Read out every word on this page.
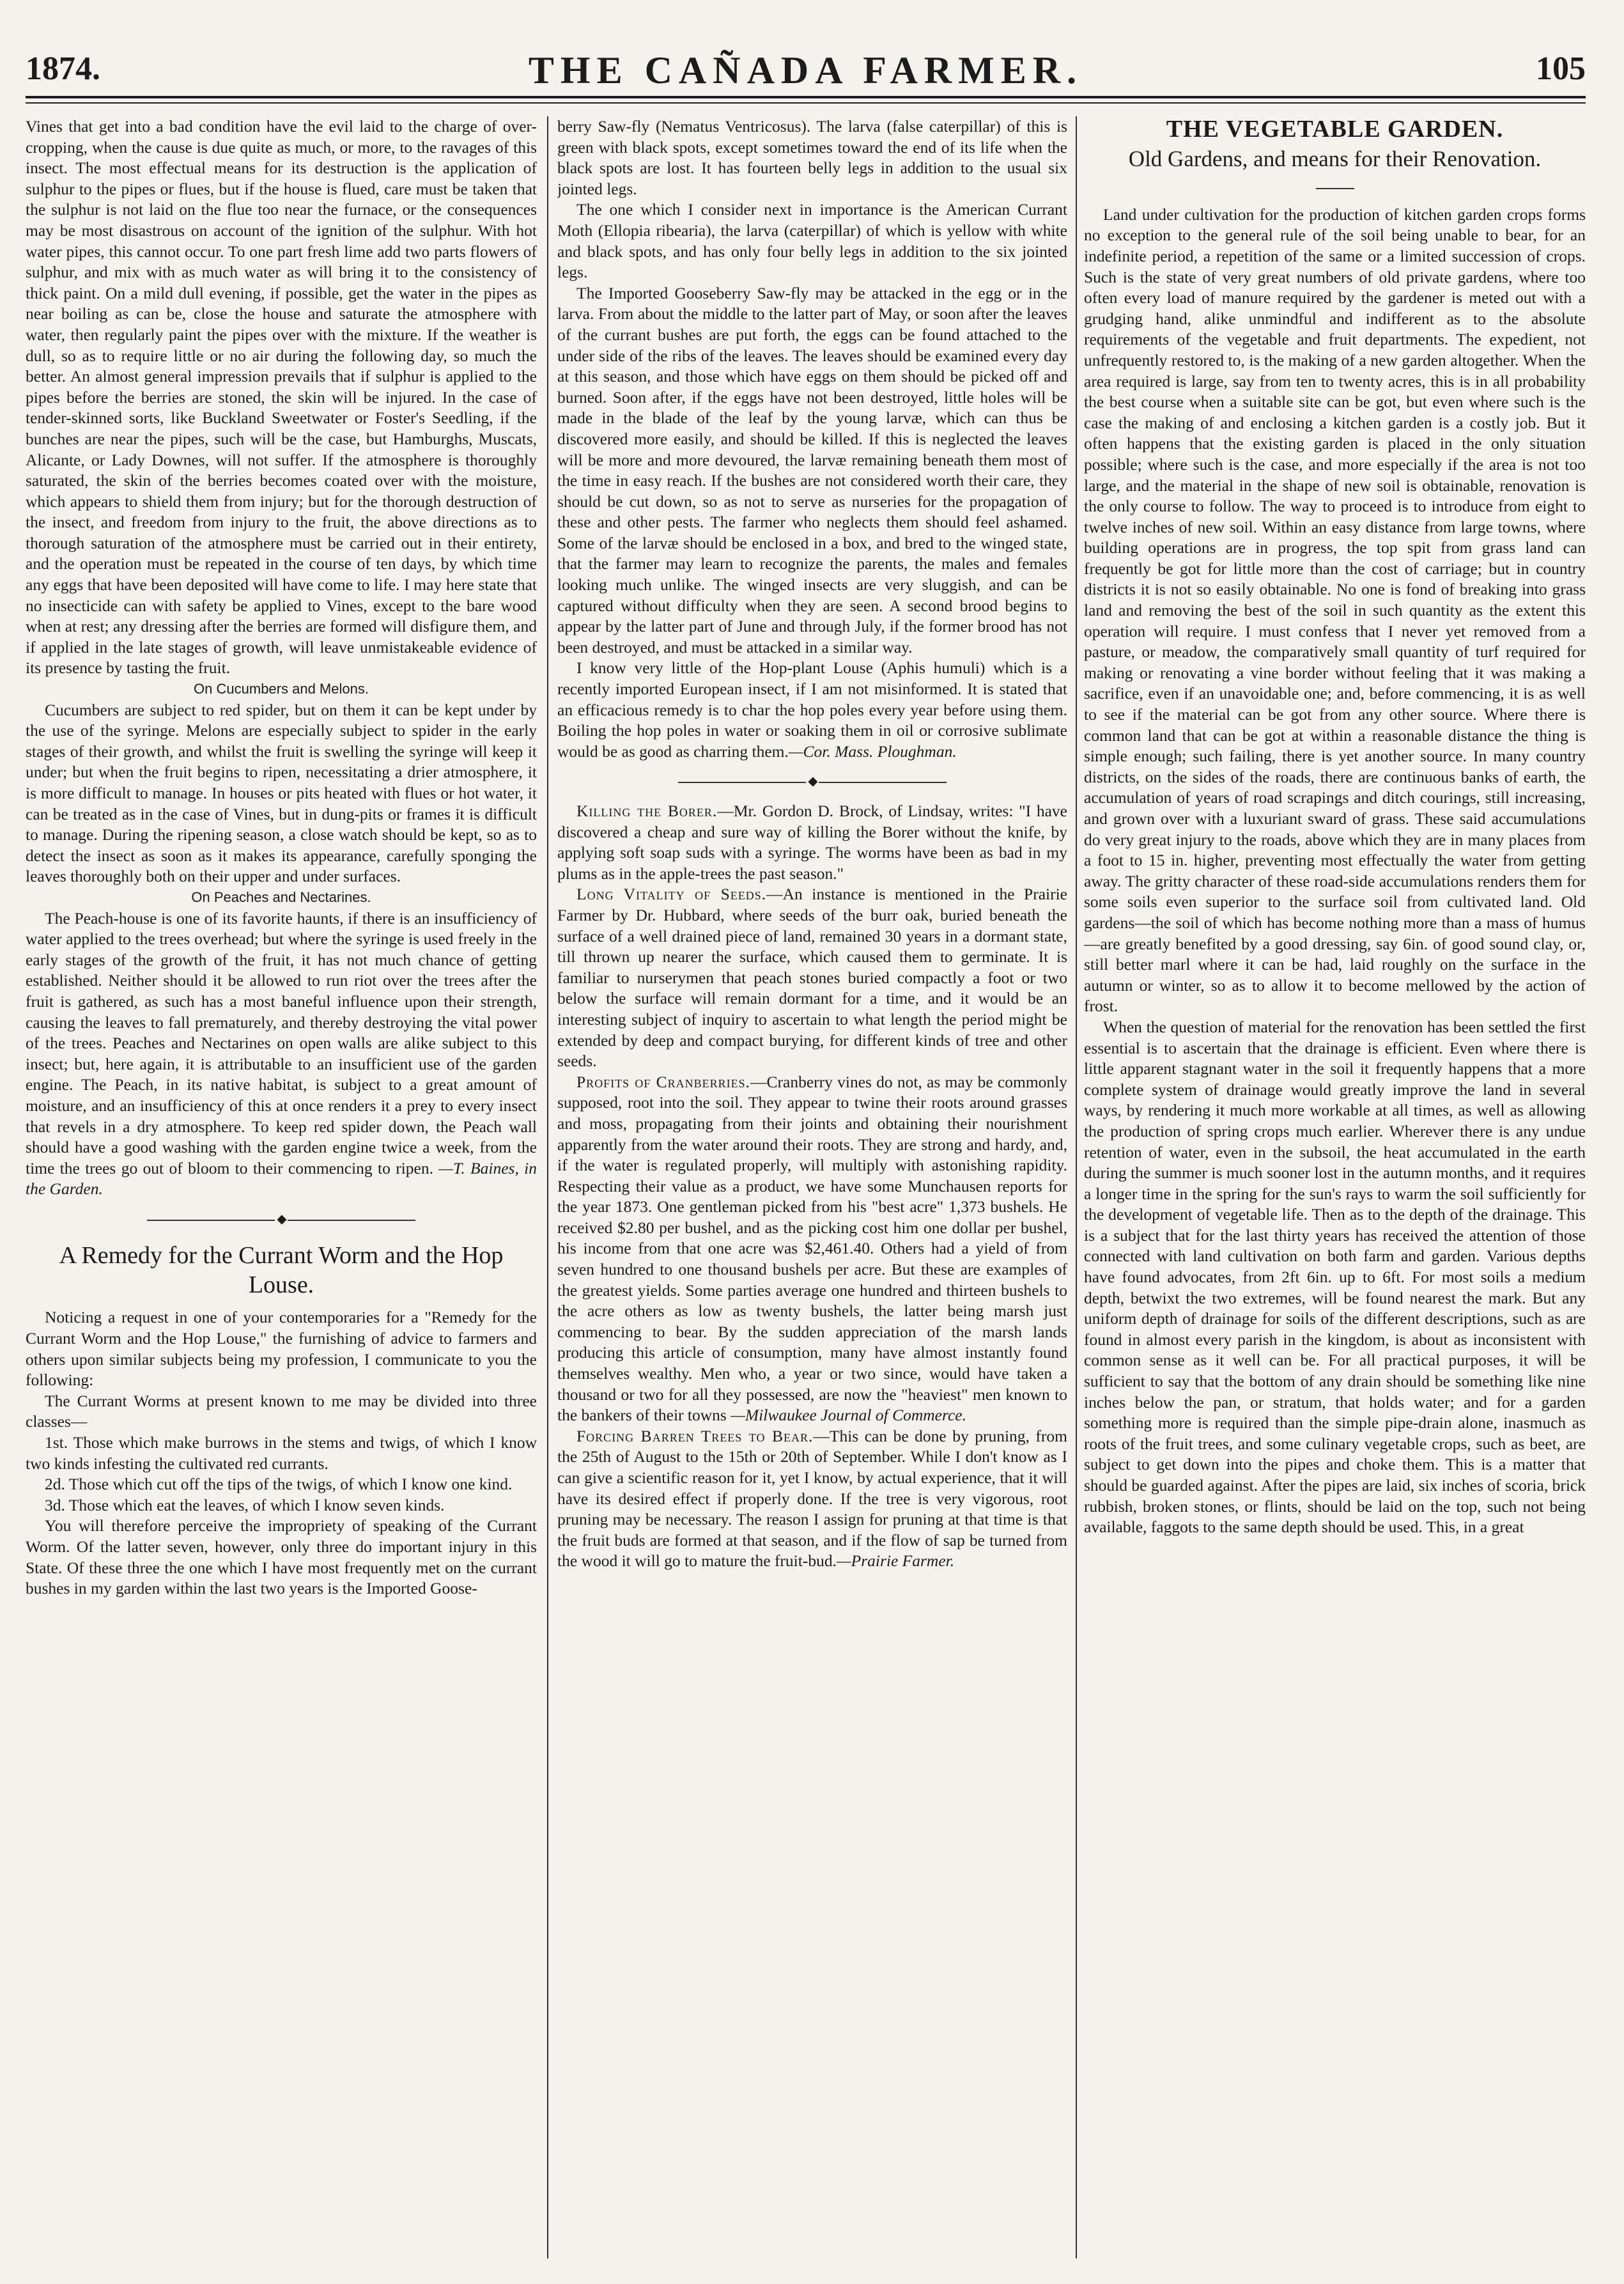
1874.	THE CAÑADA FARMER.	105

Vines that get into a bad condition have the evil laid to the charge of over-cropping, when the cause is due quite as much, or more, to the ravages of this insect. The most effectual means for its destruction is the application of sulphur to the pipes or flues, but if the house is flued, care must be taken that the sulphur is not laid on the flue too near the furnace, or the consequences may be most disastrous on account of the ignition of the sulphur. With hot water pipes, this cannot occur. To one part fresh lime add two parts flowers of sulphur, and mix with as much water as will bring it to the consistency of thick paint. On a mild dull evening, if possible, get the water in the pipes as near boiling as can be, close the house and saturate the atmosphere with water, then regularly paint the pipes over with the mixture. If the weather is dull, so as to require little or no air during the following day, so much the better. An almost general impression prevails that if sulphur is applied to the pipes before the berries are stoned, the skin will be injured. In the case of tender-skinned sorts, like Buckland Sweetwater or Foster's Seedling, if the bunches are near the pipes, such will be the case, but Hamburghs, Muscats, Alicante, or Lady Downes, will not suffer. If the atmosphere is thoroughly saturated, the skin of the berries becomes coated over with the moisture, which appears to shield them from injury; but for the thorough destruction of the insect, and freedom from injury to the fruit, the above directions as to thorough saturation of the atmosphere must be carried out in their entirety, and the operation must be repeated in the course of ten days, by which time any eggs that have been deposited will have come to life. I may here state that no insecticide can with safety be applied to Vines, except to the bare wood when at rest; any dressing after the berries are formed will disfigure them, and if applied in the late stages of growth, will leave unmistakeable evidence of its presence by tasting the fruit.

On Cucumbers and Melons.

Cucumbers are subject to red spider, but on them it can be kept under by the use of the syringe. Melons are especially subject to spider in the early stages of their growth, and whilst the fruit is swelling the syringe will keep it under; but when the fruit begins to ripen, necessitating a drier atmosphere, it is more difficult to manage. In houses or pits heated with flues or hot water, it can be treated as in the case of Vines, but in dung-pits or frames it is difficult to manage. During the ripening season, a close watch should be kept, so as to detect the insect as soon as it makes its appearance, carefully sponging the leaves thoroughly both on their upper and under surfaces.

On Peaches and Nectarines.

The Peach-house is one of its favorite haunts, if there is an insufficiency of water applied to the trees overhead; but where the syringe is used freely in the early stages of the growth of the fruit, it has not much chance of getting established. Neither should it be allowed to run riot over the trees after the fruit is gathered, as such has a most baneful influence upon their strength, causing the leaves to fall prematurely, and thereby destroying the vital power of the trees. Peaches and Nectarines on open walls are alike subject to this insect; but, here again, it is attributable to an insufficient use of the garden engine. The Peach, in its native habitat, is subject to a great amount of moisture, and an insufficiency of this at once renders it a prey to every insect that revels in a dry atmosphere. To keep red spider down, the Peach wall should have a good washing with the garden engine twice a week, from the time the trees go out of bloom to their commencing to ripen. —T. Baines, in the Garden.

⬥
A Remedy for the Currant Worm and the Hop Louse.

Noticing a request in one of your contemporaries for a "Remedy for the Currant Worm and the Hop Louse," the furnishing of advice to farmers and others upon similar subjects being my profession, I communicate to you the following:

The Currant Worms at present known to me may be divided into three classes—

1st. Those which make burrows in the stems and twigs, of which I know two kinds infesting the cultivated red currants.

2d. Those which cut off the tips of the twigs, of which I know one kind.

3d. Those which eat the leaves, of which I know seven kinds.

You will therefore perceive the impropriety of speaking of the Currant Worm. Of the latter seven, however, only three do important injury in this State. Of these three the one which I have most frequently met on the currant bushes in my garden within the last two years is the Imported Goose-

berry Saw-fly (Nematus Ventricosus). The larva (false caterpillar) of this is green with black spots, except sometimes toward the end of its life when the black spots are lost. It has fourteen belly legs in addition to the usual six jointed legs.

The one which I consider next in importance is the American Currant Moth (Ellopia ribearia), the larva (caterpillar) of which is yellow with white and black spots, and has only four belly legs in addition to the six jointed legs.

The Imported Gooseberry Saw-fly may be attacked in the egg or in the larva. From about the middle to the latter part of May, or soon after the leaves of the currant bushes are put forth, the eggs can be found attached to the under side of the ribs of the leaves. The leaves should be examined every day at this season, and those which have eggs on them should be picked off and burned. Soon after, if the eggs have not been destroyed, little holes will be made in the blade of the leaf by the young larvæ, which can thus be discovered more easily, and should be killed. If this is neglected the leaves will be more and more devoured, the larvæ remaining beneath them most of the time in easy reach. If the bushes are not considered worth their care, they should be cut down, so as not to serve as nurseries for the propagation of these and other pests. The farmer who neglects them should feel ashamed. Some of the larvæ should be enclosed in a box, and bred to the winged state, that the farmer may learn to recognize the parents, the males and females looking much unlike. The winged insects are very sluggish, and can be captured without difficulty when they are seen. A second brood begins to appear by the latter part of June and through July, if the former brood has not been destroyed, and must be attacked in a similar way.

I know very little of the Hop-plant Louse (Aphis humuli) which is a recently imported European insect, if I am not misinformed. It is stated that an efficacious remedy is to char the hop poles every year before using them. Boiling the hop poles in water or soaking them in oil or corrosive sublimate would be as good as charring them.—Cor. Mass. Ploughman.

⬥

Killing the Borer.—Mr. Gordon D. Brock, of Lindsay, writes: "I have discovered a cheap and sure way of killing the Borer without the knife, by applying soft soap suds with a syringe. The worms have been as bad in my plums as in the apple-trees the past season."

Long Vitality of Seeds.—An instance is mentioned in the Prairie Farmer by Dr. Hubbard, where seeds of the burr oak, buried beneath the surface of a well drained piece of land, remained 30 years in a dormant state, till thrown up nearer the surface, which caused them to germinate. It is familiar to nurserymen that peach stones buried compactly a foot or two below the surface will remain dormant for a time, and it would be an interesting subject of inquiry to ascertain to what length the period might be extended by deep and compact burying, for different kinds of tree and other seeds.

Profits of Cranberries.—Cranberry vines do not, as may be commonly supposed, root into the soil. They appear to twine their roots around grasses and moss, propagating from their joints and obtaining their nourishment apparently from the water around their roots. They are strong and hardy, and, if the water is regulated properly, will multiply with astonishing rapidity. Respecting their value as a product, we have some Munchausen reports for the year 1873. One gentleman picked from his "best acre" 1,373 bushels. He received $2.80 per bushel, and as the picking cost him one dollar per bushel, his income from that one acre was $2,461.40. Others had a yield of from seven hundred to one thousand bushels per acre. But these are examples of the greatest yields. Some parties average one hundred and thirteen bushels to the acre others as low as twenty bushels, the latter being marsh just commencing to bear. By the sudden appreciation of the marsh lands producing this article of consumption, many have almost instantly found themselves wealthy. Men who, a year or two since, would have taken a thousand or two for all they possessed, are now the "heaviest" men known to the bankers of their towns —Milwaukee Journal of Commerce.

Forcing Barren Trees to Bear.—This can be done by pruning, from the 25th of August to the 15th or 20th of September. While I don't know as I can give a scientific reason for it, yet I know, by actual experience, that it will have its desired effect if properly done. If the tree is very vigorous, root pruning may be necessary. The reason I assign for pruning at that time is that the fruit buds are formed at that season, and if the flow of sap be turned from the wood it will go to mature the fruit-bud.—Prairie Farmer.

THE VEGETABLE GARDEN.
Old Gardens, and means for their Renovation.

Land under cultivation for the production of kitchen garden crops forms no exception to the general rule of the soil being unable to bear, for an indefinite period, a repetition of the same or a limited succession of crops. Such is the state of very great numbers of old private gardens, where too often every load of manure required by the gardener is meted out with a grudging hand, alike unmindful and indifferent as to the absolute requirements of the vegetable and fruit departments. The expedient, not unfrequently restored to, is the making of a new garden altogether. When the area required is large, say from ten to twenty acres, this is in all probability the best course when a suitable site can be got, but even where such is the case the making of and enclosing a kitchen garden is a costly job. But it often happens that the existing garden is placed in the only situation possible; where such is the case, and more especially if the area is not too large, and the material in the shape of new soil is obtainable, renovation is the only course to follow. The way to proceed is to introduce from eight to twelve inches of new soil. Within an easy distance from large towns, where building operations are in progress, the top spit from grass land can frequently be got for little more than the cost of carriage; but in country districts it is not so easily obtainable. No one is fond of breaking into grass land and removing the best of the soil in such quantity as the extent this operation will require. I must confess that I never yet removed from a pasture, or meadow, the comparatively small quantity of turf required for making or renovating a vine border without feeling that it was making a sacrifice, even if an unavoidable one; and, before commencing, it is as well to see if the material can be got from any other source. Where there is common land that can be got at within a reasonable distance the thing is simple enough; such failing, there is yet another source. In many country districts, on the sides of the roads, there are continuous banks of earth, the accumulation of years of road scrapings and ditch courings, still increasing, and grown over with a luxuriant sward of grass. These said accumulations do very great injury to the roads, above which they are in many places from a foot to 15 in. higher, preventing most effectually the water from getting away. The gritty character of these road-side accumulations renders them for some soils even superior to the surface soil from cultivated land. Old gardens—the soil of which has become nothing more than a mass of humus—are greatly benefited by a good dressing, say 6in. of good sound clay, or, still better marl where it can be had, laid roughly on the surface in the autumn or winter, so as to allow it to become mellowed by the action of frost.

When the question of material for the renovation has been settled the first essential is to ascertain that the drainage is efficient. Even where there is little apparent stagnant water in the soil it frequently happens that a more complete system of drainage would greatly improve the land in several ways, by rendering it much more workable at all times, as well as allowing the production of spring crops much earlier. Wherever there is any undue retention of water, even in the subsoil, the heat accumulated in the earth during the summer is much sooner lost in the autumn months, and it requires a longer time in the spring for the sun's rays to warm the soil sufficiently for the development of vegetable life. Then as to the depth of the drainage. This is a subject that for the last thirty years has received the attention of those connected with land cultivation on both farm and garden. Various depths have found advocates, from 2ft 6in. up to 6ft. For most soils a medium depth, betwixt the two extremes, will be found nearest the mark. But any uniform depth of drainage for soils of the different descriptions, such as are found in almost every parish in the kingdom, is about as inconsistent with common sense as it well can be. For all practical purposes, it will be sufficient to say that the bottom of any drain should be something like nine inches below the pan, or stratum, that holds water; and for a garden something more is required than the simple pipe-drain alone, inasmuch as roots of the fruit trees, and some culinary vegetable crops, such as beet, are subject to get down into the pipes and choke them. This is a matter that should be guarded against. After the pipes are laid, six inches of scoria, brick rubbish, broken stones, or flints, should be laid on the top, such not being available, faggots to the same depth should be used. This, in a great
